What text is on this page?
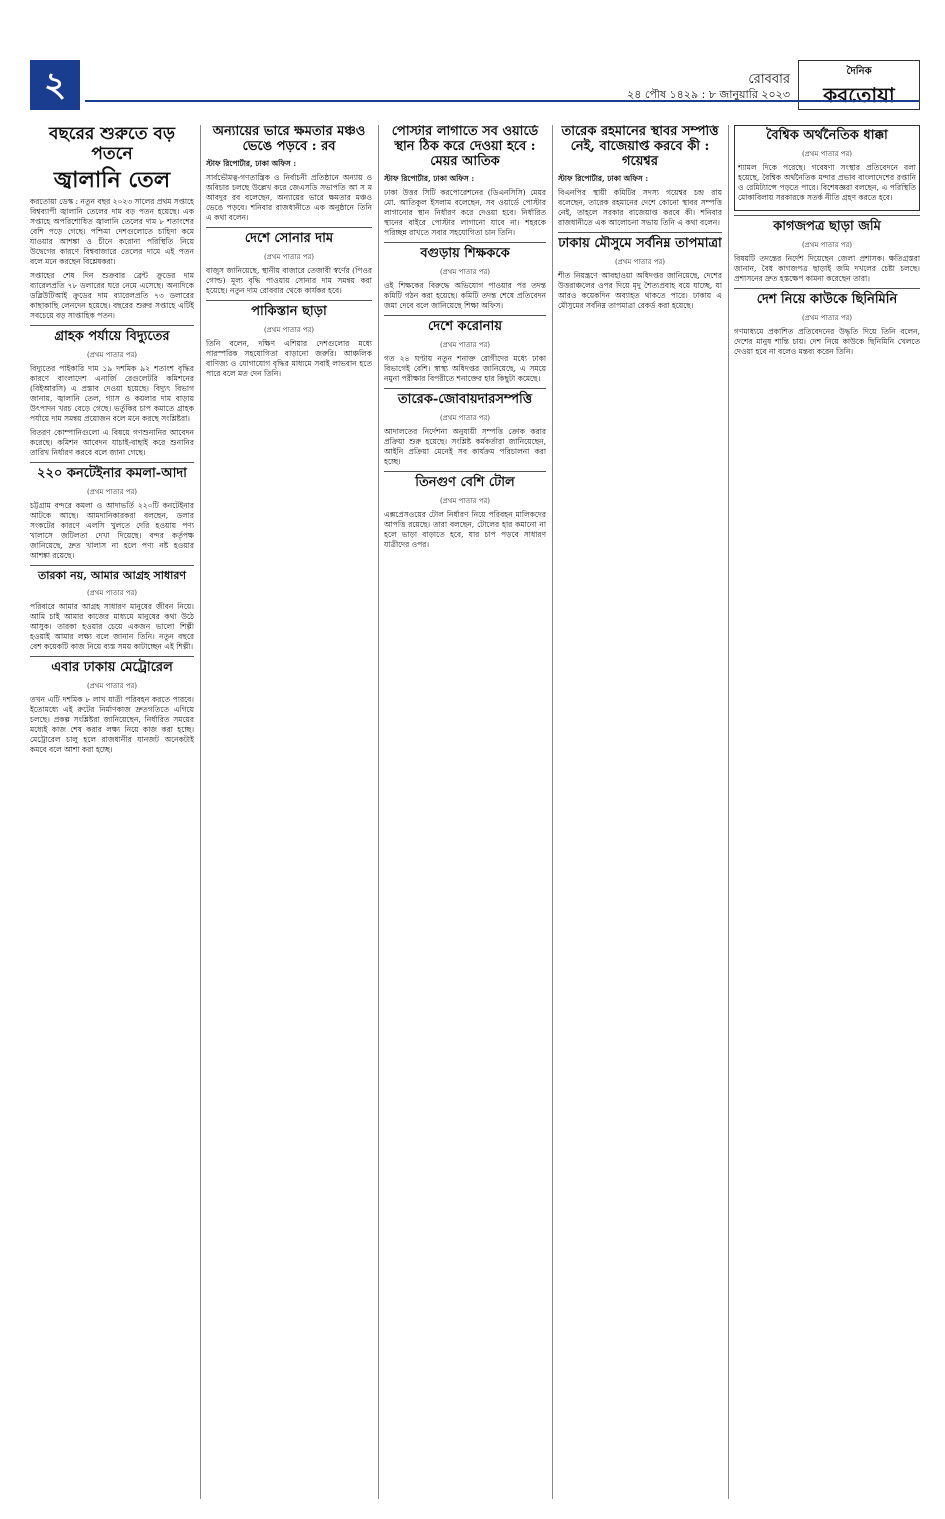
২	রোববার
২৪ পৌষ ১৪২৯ : ৮ জানুয়ারি ২০২৩
দৈনিক
করতোয়া
বছরের শুরুতে বড় পতনে
জ্বালানি তেল

করতোয়া ডেস্ক : নতুন বছর ২০২৩ সালের প্রথম সপ্তাহে বিশ্বব্যাপী জ্বালানি তেলের দাম বড় পতন হয়েছে। এক সপ্তাহে অপরিশোধিত জ্বালানি তেলের দাম ৮ শতাংশের বেশি পড়ে গেছে। পশ্চিমা দেশগুলোতে চাহিদা কমে যাওয়ার আশঙ্কা ও চীনে করোনা পরিস্থিতি নিয়ে উদ্বেগের কারণে বিশ্ববাজারে তেলের দামে এই পতন বলে মনে করছেন বিশ্লেষকরা।

সপ্তাহের শেষ দিন শুক্রবার ব্রেন্ট ক্রুডের দাম ব্যারেলপ্রতি ৭৮ ডলারের ঘরে নেমে এসেছে। অন্যদিকে ডব্লিউটিআই ক্রুডের দাম ব্যারেলপ্রতি ৭৩ ডলারের কাছাকাছি লেনদেন হয়েছে। বছরের শুরুর সপ্তাহে এটিই সবচেয়ে বড় সাপ্তাহিক পতন।

গ্রাহক পর্যায়ে বিদ্যুতের
(প্রথম পাতার পর)

বিদ্যুতের পাইকারি দাম ১৯ দশমিক ৯২ শতাংশ বৃদ্ধির কারণে বাংলাদেশ এনার্জি রেগুলেটরি কমিশনের (বিইআরসি) এ প্রস্তাব দেওয়া হয়েছে। বিদ্যুৎ বিভাগ জানায়, জ্বালানি তেল, গ্যাস ও কয়লার দাম বাড়ায় উৎপাদন খরচ বেড়ে গেছে। ভর্তুকির চাপ কমাতে গ্রাহক পর্যায়ে দাম সমন্বয় প্রয়োজন বলে মনে করছে সংশ্লিষ্টরা।

বিতরণ কোম্পানিগুলো এ বিষয়ে গণশুনানির আবেদন করেছে। কমিশন আবেদন যাচাই-বাছাই করে শুনানির তারিখ নির্ধারণ করবে বলে জানা গেছে।

২২০ কনটেইনার কমলা-আদা
(প্রথম পাতার পর)

চট্টগ্রাম বন্দরে কমলা ও আদাভর্তি ২২০টি কনটেইনার আটকে আছে। আমদানিকারকরা বলছেন, ডলার সংকটের কারণে এলসি খুলতে দেরি হওয়ায় পণ্য খালাসে জটিলতা দেখা দিয়েছে। বন্দর কর্তৃপক্ষ জানিয়েছে, দ্রুত খালাস না হলে পণ্য নষ্ট হওয়ার আশঙ্কা রয়েছে।

তারকা নয়, আমার আগ্রহ সাধারণ
(প্রথম পাতার পর)

পরিবারে আমার আগ্রহ সাধারণ মানুষের জীবন নিয়ে। আমি চাই আমার কাজের মাধ্যমে মানুষের কথা উঠে আসুক। তারকা হওয়ার চেয়ে একজন ভালো শিল্পী হওয়াই আমার লক্ষ্য বলে জানান তিনি। নতুন বছরে বেশ কয়েকটি কাজ নিয়ে ব্যস্ত সময় কাটাচ্ছেন এই শিল্পী।

এবার ঢাকায় মেট্রোরেল
(প্রথম পাতার পর)

তখন এটি দশমিক ৮ লাখ যাত্রী পরিবহন করতে পারবে। ইতোমধ্যে এই রুটের নির্মাণকাজ দ্রুতগতিতে এগিয়ে চলছে। প্রকল্প সংশ্লিষ্টরা জানিয়েছেন, নির্ধারিত সময়ের মধ্যেই কাজ শেষ করার লক্ষ্য নিয়ে কাজ করা হচ্ছে। মেট্রোরেল চালু হলে রাজধানীর যানজট অনেকটাই কমবে বলে আশা করা হচ্ছে।

অন্যায়ের ভারে ক্ষমতার মঞ্চও ভেঙে পড়বে : রব

স্টাফ রিপোর্টার, ঢাকা অফিস :

সার্বভৌমত্ব-গণতান্ত্রিক ও নির্বাচনী প্রতিষ্ঠানে অন্যায় ও অবিচার চলছে উল্লেখ করে জেএসডি সভাপতি আ স ম আবদুর রব বলেছেন, অন্যায়ের ভারে ক্ষমতার মঞ্চও ভেঙে পড়বে। শনিবার রাজধানীতে এক অনুষ্ঠানে তিনি এ কথা বলেন।

দেশে সোনার দাম
(প্রথম পাতার পর)

বাজুস জানিয়েছে, স্থানীয় বাজারে তেজাবী স্বর্ণের (পিওর গোল্ড) মূল্য বৃদ্ধি পাওয়ায় সোনার দাম সমন্বয় করা হয়েছে। নতুন দাম রোববার থেকে কার্যকর হবে।

পাকিস্তান ছাড়া
(প্রথম পাতার পর)

তিনি বলেন, দক্ষিণ এশিয়ার দেশগুলোর মধ্যে পারস্পরিক সহযোগিতা বাড়ানো জরুরি। আঞ্চলিক বাণিজ্য ও যোগাযোগ বৃদ্ধির মাধ্যমে সবাই লাভবান হতে পারে বলে মত দেন তিনি।

পোস্টার লাগাতে সব ওয়ার্ডে স্থান ঠিক করে দেওয়া হবে : মেয়র আতিক

স্টাফ রিপোর্টার, ঢাকা অফিস :

ঢাকা উত্তর সিটি করপোরেশনের (ডিএনসিসি) মেয়র মো. আতিকুল ইসলাম বলেছেন, সব ওয়ার্ডে পোস্টার লাগানোর স্থান নির্ধারণ করে দেওয়া হবে। নির্ধারিত স্থানের বাইরে পোস্টার লাগানো যাবে না। শহরকে পরিচ্ছন্ন রাখতে সবার সহযোগিতা চান তিনি।

বগুড়ায় শিক্ষককে
(প্রথম পাতার পর)

ওই শিক্ষকের বিরুদ্ধে অভিযোগ পাওয়ার পর তদন্ত কমিটি গঠন করা হয়েছে। কমিটি তদন্ত শেষে প্রতিবেদন জমা দেবে বলে জানিয়েছে শিক্ষা অফিস।

দেশে করোনায়
(প্রথম পাতার পর)

গত ২৪ ঘণ্টায় নতুন শনাক্ত রোগীদের মধ্যে ঢাকা বিভাগেই বেশি। স্বাস্থ্য অধিদপ্তর জানিয়েছে, এ সময়ে নমুনা পরীক্ষার বিপরীতে শনাক্তের হার কিছুটা কমেছে।

তারেক-জোবায়দারসম্পত্তি
(প্রথম পাতার পর)

আদালতের নির্দেশনা অনুযায়ী সম্পত্তি ক্রোক করার প্রক্রিয়া শুরু হয়েছে। সংশ্লিষ্ট কর্মকর্তারা জানিয়েছেন, আইনি প্রক্রিয়া মেনেই সব কার্যক্রম পরিচালনা করা হচ্ছে।

তিনগুণ বেশি টোল
(প্রথম পাতার পর)

এক্সপ্রেসওয়ের টোল নির্ধারণ নিয়ে পরিবহন মালিকদের আপত্তি রয়েছে। তারা বলছেন, টোলের হার কমানো না হলে ভাড়া বাড়াতে হবে, যার চাপ পড়বে সাধারণ যাত্রীদের ওপর।

তারেক রহমানের স্থাবর সম্পত্তি নেই, বাজেয়াপ্ত করবে কী : গয়েশ্বর

স্টাফ রিপোর্টার, ঢাকা অফিস :

বিএনপির স্থায়ী কমিটির সদস্য গয়েশ্বর চন্দ্র রায় বলেছেন, তারেক রহমানের দেশে কোনো স্থাবর সম্পত্তি নেই, তাহলে সরকার বাজেয়াপ্ত করবে কী। শনিবার রাজধানীতে এক আলোচনা সভায় তিনি এ কথা বলেন।

ঢাকায় মৌসুমে সর্বনিম্ন তাপমাত্রা
(প্রথম পাতার পর)

শীত নিয়ন্ত্রণে আবহাওয়া অধিদপ্তর জানিয়েছে, দেশের উত্তরাঞ্চলের ওপর দিয়ে মৃদু শৈত্যপ্রবাহ বয়ে যাচ্ছে, যা আরও কয়েকদিন অব্যাহত থাকতে পারে। ঢাকায় এ মৌসুমের সর্বনিম্ন তাপমাত্রা রেকর্ড করা হয়েছে।

বৈশ্বিক অর্থনৈতিক ধাক্কা
(প্রথম পাতার পর)

শ্যামল দিকে পরেছে। গবেষণা সংস্থার প্রতিবেদনে বলা হয়েছে, বৈশ্বিক অর্থনৈতিক মন্দার প্রভাব বাংলাদেশের রপ্তানি ও রেমিট্যান্সে পড়তে পারে। বিশেষজ্ঞরা বলছেন, এ পরিস্থিতি মোকাবিলায় সরকারকে সতর্ক নীতি গ্রহণ করতে হবে।

কাগজপত্র ছাড়া জমি
(প্রথম পাতার পর)

বিষয়টি তদন্তের নির্দেশ দিয়েছেন জেলা প্রশাসক। ক্ষতিগ্রস্তরা জানান, বৈধ কাগজপত্র ছাড়াই জমি দখলের চেষ্টা চলছে। প্রশাসনের দ্রুত হস্তক্ষেপ কামনা করেছেন তারা।

দেশ নিয়ে কাউকে ছিনিমিনি
(প্রথম পাতার পর)

গণমাধ্যমে প্রকাশিত প্রতিবেদনের উদ্ধৃতি দিয়ে তিনি বলেন, দেশের মানুষ শান্তি চায়। দেশ নিয়ে কাউকে ছিনিমিনি খেলতে দেওয়া হবে না বলেও মন্তব্য করেন তিনি।
